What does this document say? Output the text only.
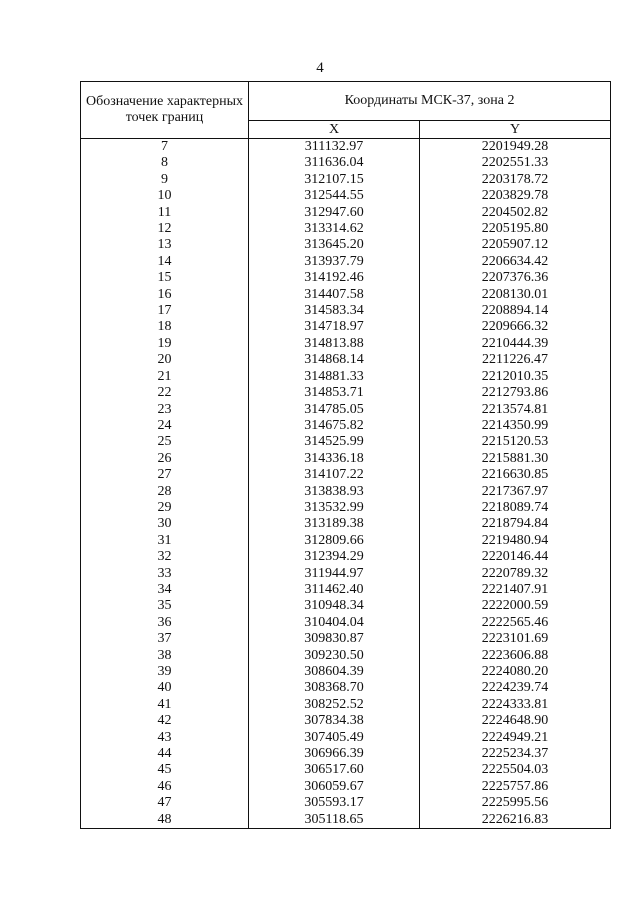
4
Обозначение характерных точек границ	Координаты МСК-37, зона 2	
	X	Y
7	311132.97	2201949.28
8	311636.04	2202551.33
9	312107.15	2203178.72
10	312544.55	2203829.78
11	312947.60	2204502.82
12	313314.62	2205195.80
13	313645.20	2205907.12
14	313937.79	2206634.42
15	314192.46	2207376.36
16	314407.58	2208130.01
17	314583.34	2208894.14
18	314718.97	2209666.32
19	314813.88	2210444.39
20	314868.14	2211226.47
21	314881.33	2212010.35
22	314853.71	2212793.86
23	314785.05	2213574.81
24	314675.82	2214350.99
25	314525.99	2215120.53
26	314336.18	2215881.30
27	314107.22	2216630.85
28	313838.93	2217367.97
29	313532.99	2218089.74
30	313189.38	2218794.84
31	312809.66	2219480.94
32	312394.29	2220146.44
33	311944.97	2220789.32
34	311462.40	2221407.91
35	310948.34	2222000.59
36	310404.04	2222565.46
37	309830.87	2223101.69
38	309230.50	2223606.88
39	308604.39	2224080.20
40	308368.70	2224239.74
41	308252.52	2224333.81
42	307834.38	2224648.90
43	307405.49	2224949.21
44	306966.39	2225234.37
45	306517.60	2225504.03
46	306059.67	2225757.86
47	305593.17	2225995.56
48	305118.65	2226216.83
